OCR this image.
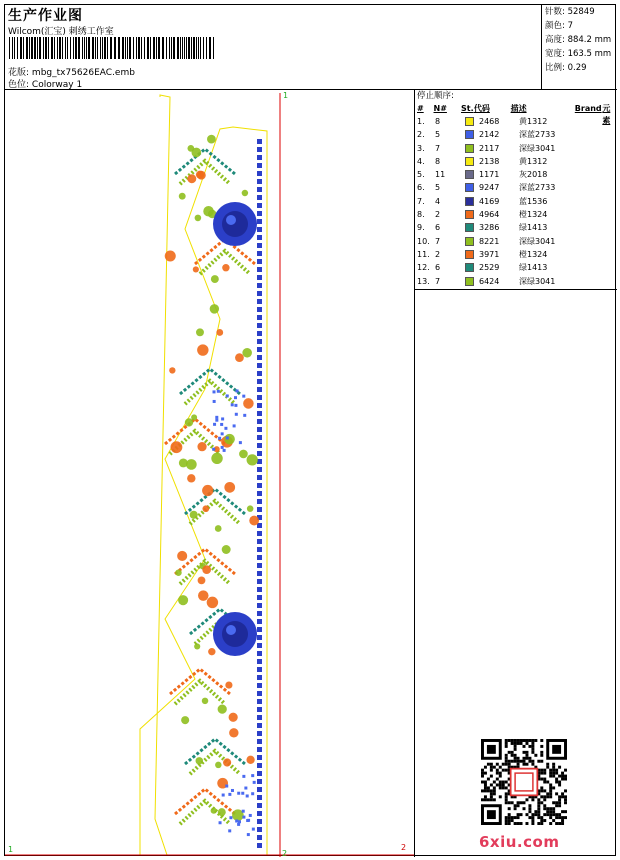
生产作业图
Wilcom(汇宝) 刺绣工作室
花版: mbg_tx75626EAC.emb
色位: Colorway 1
针数: 52849
颜色: 7
高度: 884.2 mm
宽度: 163.5 mm
比例: 0.29
1
1	2
2
停止顺序:
#	N#	St. 代码	描述	Brand 元素
1.	8	2468	黄1312
2.	5	2142	深蓝2733
3.	7	2117	深绿3041
4.	8	2138	黄1312
5.	11	1171	灰2018
6.	5	9247	深蓝2733
7.	4	4169	蓝1536
8.	2	4964	橙1324
9.	6	3286	绿1413
10. 7	8221	深绿3041
11. 2	3971	橙1324
12. 6	2529	绿1413
13. 7	6424	深绿3041
6xiu.com
